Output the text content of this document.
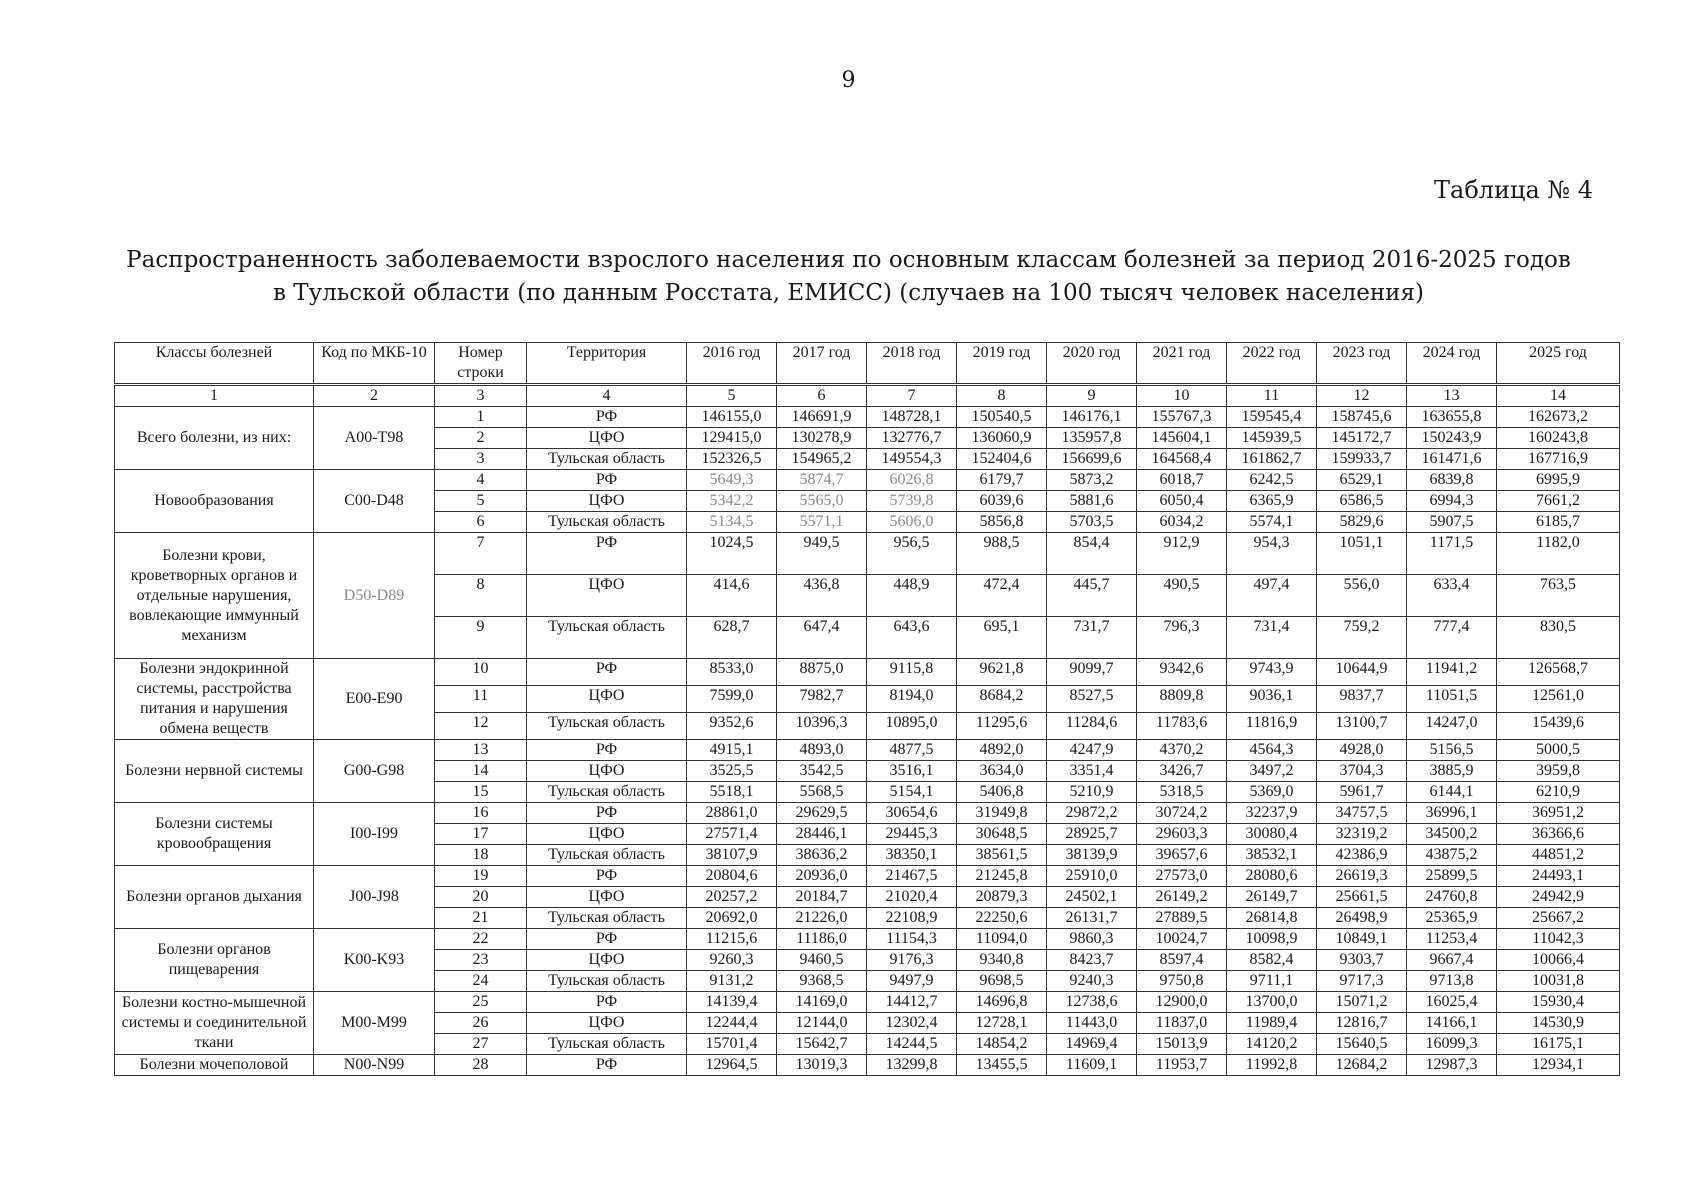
9
Таблица № 4
Распространенность заболеваемости взрослого населения по основным классам болезней за период 2016-2025 годов
в Тульской области (по данным Росстата, ЕМИСС) (случаев на 100 тысяч человек населения)
Классы болезней	Код по МКБ-10	Номер строки	Территория	2016 год	2017 год	2018 год	2019 год	2020 год	2021 год	2022 год	2023 год	2024 год	2025 год
1	2	3	4	5	6	7	8	9	10	11	12	13	14
Всего болезни, из них:	A00-T98	1	РФ	146155,0	146691,9	148728,1	150540,5	146176,1	155767,3	159545,4	158745,6	163655,8	162673,2
		2	ЦФО	129415,0	130278,9	132776,7	136060,9	135957,8	145604,1	145939,5	145172,7	150243,9	160243,8
		3	Тульская область	152326,5	154965,2	149554,3	152404,6	156699,6	164568,4	161862,7	159933,7	161471,6	167716,9
Новообразования	C00-D48	4	РФ	5649,3	5874,7	6026,8	6179,7	5873,2	6018,7	6242,5	6529,1	6839,8	6995,9
		5	ЦФО	5342,2	5565,0	5739,8	6039,6	5881,6	6050,4	6365,9	6586,5	6994,3	7661,2
		6	Тульская область	5134,5	5571,1	5606,0	5856,8	5703,5	6034,2	5574,1	5829,6	5907,5	6185,7
Болезни крови, кроветворных органов и отдельные нарушения, вовлекающие иммунный механизм	D50-D89	7	РФ	1024,5	949,5	956,5	988,5	854,4	912,9	954,3	1051,1	1171,5	1182,0
		8	ЦФО	414,6	436,8	448,9	472,4	445,7	490,5	497,4	556,0	633,4	763,5
		9	Тульская область	628,7	647,4	643,6	695,1	731,7	796,3	731,4	759,2	777,4	830,5
Болезни эндокринной системы, расстройства питания и нарушения обмена веществ	E00-E90	10	РФ	8533,0	8875,0	9115,8	9621,8	9099,7	9342,6	9743,9	10644,9	11941,2	126568,7
		11	ЦФО	7599,0	7982,7	8194,0	8684,2	8527,5	8809,8	9036,1	9837,7	11051,5	12561,0
		12	Тульская область	9352,6	10396,3	10895,0	11295,6	11284,6	11783,6	11816,9	13100,7	14247,0	15439,6
Болезни нервной системы	G00-G98	13	РФ	4915,1	4893,0	4877,5	4892,0	4247,9	4370,2	4564,3	4928,0	5156,5	5000,5
		14	ЦФО	3525,5	3542,5	3516,1	3634,0	3351,4	3426,7	3497,2	3704,3	3885,9	3959,8
		15	Тульская область	5518,1	5568,5	5154,1	5406,8	5210,9	5318,5	5369,0	5961,7	6144,1	6210,9
Болезни системы кровообращения	I00-I99	16	РФ	28861,0	29629,5	30654,6	31949,8	29872,2	30724,2	32237,9	34757,5	36996,1	36951,2
		17	ЦФО	27571,4	28446,1	29445,3	30648,5	28925,7	29603,3	30080,4	32319,2	34500,2	36366,6
		18	Тульская область	38107,9	38636,2	38350,1	38561,5	38139,9	39657,6	38532,1	42386,9	43875,2	44851,2
Болезни органов дыхания	J00-J98	19	РФ	20804,6	20936,0	21467,5	21245,8	25910,0	27573,0	28080,6	26619,3	25899,5	24493,1
		20	ЦФО	20257,2	20184,7	21020,4	20879,3	24502,1	26149,2	26149,7	25661,5	24760,8	24942,9
		21	Тульская область	20692,0	21226,0	22108,9	22250,6	26131,7	27889,5	26814,8	26498,9	25365,9	25667,2
Болезни органов пищеварения	K00-K93	22	РФ	11215,6	11186,0	11154,3	11094,0	9860,3	10024,7	10098,9	10849,1	11253,4	11042,3
		23	ЦФО	9260,3	9460,5	9176,3	9340,8	8423,7	8597,4	8582,4	9303,7	9667,4	10066,4
		24	Тульская область	9131,2	9368,5	9497,9	9698,5	9240,3	9750,8	9711,1	9717,3	9713,8	10031,8
Болезни костно-мышечной системы и соединительной ткани	M00-M99	25	РФ	14139,4	14169,0	14412,7	14696,8	12738,6	12900,0	13700,0	15071,2	16025,4	15930,4
		26	ЦФО	12244,4	12144,0	12302,4	12728,1	11443,0	11837,0	11989,4	12816,7	14166,1	14530,9
		27	Тульская область	15701,4	15642,7	14244,5	14854,2	14969,4	15013,9	14120,2	15640,5	16099,3	16175,1
Болезни мочеполовой	N00-N99	28	РФ	12964,5	13019,3	13299,8	13455,5	11609,1	11953,7	11992,8	12684,2	12987,3	12934,1
